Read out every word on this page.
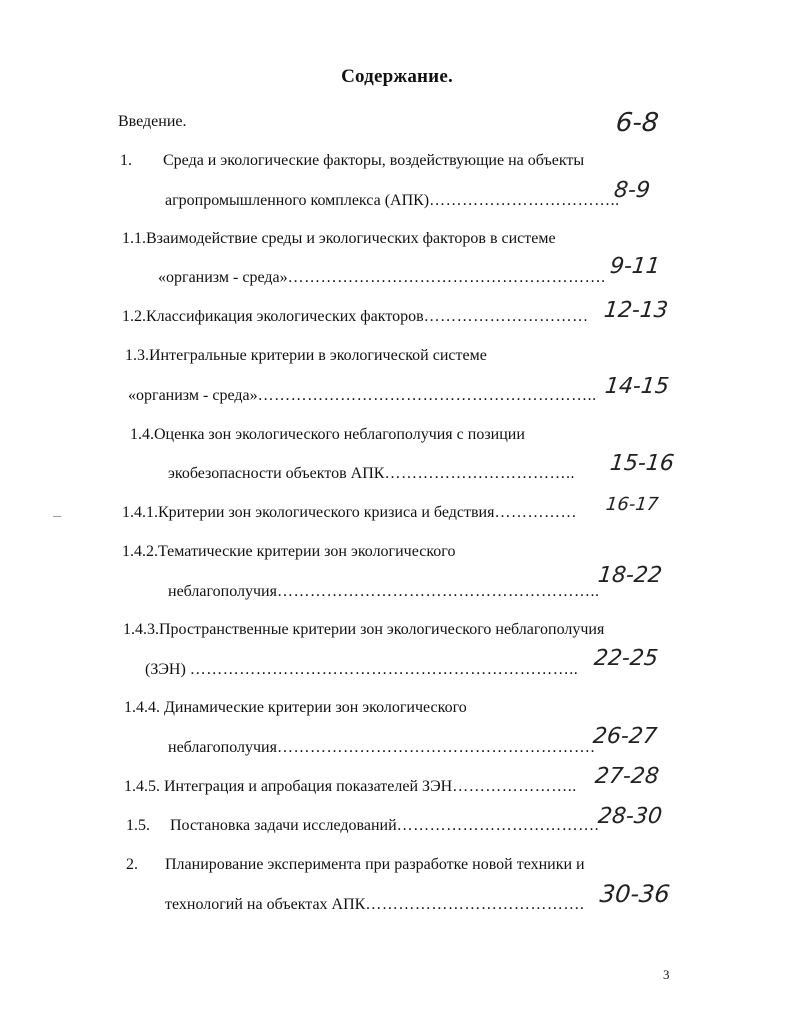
Содержание.
Введение.	6-8
1. Среда и экологические факторы, воздействующие на объекты
агропромышленного комплекса (АПК)……………………………..
8-9
1.1.Взаимодействие среды и экологических факторов в системе
«организм - среда»…………………………………………………. 9-11
1.2.Классификация экологических факторов………………………… 12-13
1.3.Интегральные критерии в экологической системе
«организм - среда»…………………………………………………….. 14-15
1.4.Оценка зон экологического неблагополучия с позиции
экобезопасности объектов АПК…………………………….. 15-16
1.4.1.Критерии зон экологического кризиса и бедствия…………… 16-17
1.4.2.Тематические критерии зон экологического
неблагополучия…………………………………………………..
18-22
1.4.3.Пространственные критерии зон экологического неблагополучия
(ЗЭН) …………………………………………………………….. 22-25
1.4.4. Динамические критерии зон экологического
неблагополучия………………………………………………….
26-27
1.4.5. Интеграция и апробация показателей ЗЭН………………….. 27-28
1.5. Постановка задачи исследований……………………………….
28-30
2. Планирование эксперимента при разработке новой техники и
технологий на объектах АПК…………………………………. 30-36
3
